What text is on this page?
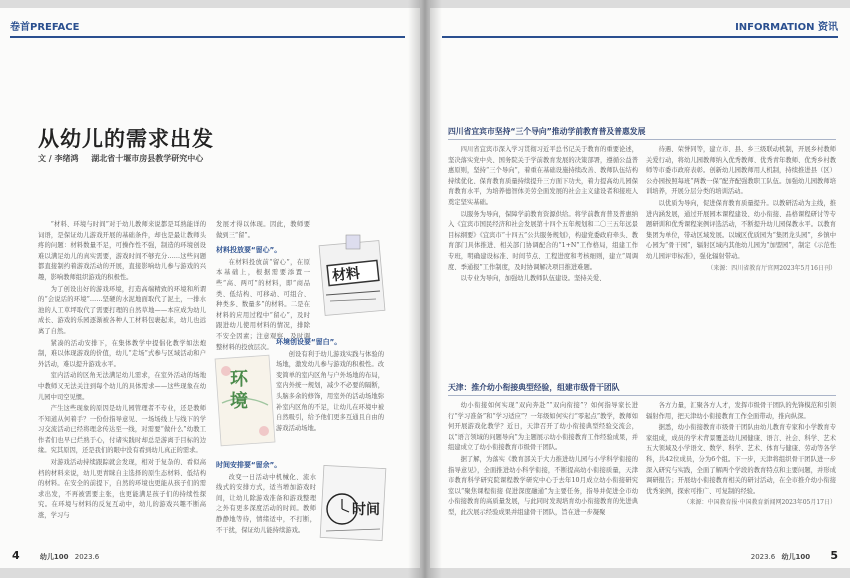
卷首PREFACE
从幼儿的需求出发
文 / 李绪鸿 湖北省十堰市房县教学研究中心

“材料、环境与时间”对于幼儿教师来说都是耳熟能详的词语，是保证幼儿游戏开展的基础条件，却也是最让教师头疼的问题：材料数量不足，可操作性不强，制造的环境创设难以满足幼儿的真实需要，游戏时间不够充分……这些问题都直接制约着游戏活动的开展，直接影响幼儿参与游戏的兴趣，影响教师组织游戏的积极性。

为了创设出好的游戏环境，打造高端精致的环境和所谓的“会说话的环境”……坚硬的水泥地面取代了泥土，一排水池的人工草坪取代了需要打理的自然草地——本应成为幼儿成长、游戏的乐园逐渐被各种人工材料包裹起来，幼儿也远离了自然。

紧凑的活动安排下，在集体教学中提倡化教学如法炮制，难以体现游戏的价值，幼儿“走场”式参与区域活动和户外活动，难以提升游戏水平。

室内活动的区角无法满足幼儿需求，在室外活动的场地中教师又无法关注到每个幼儿的具体需求——这些现象在幼儿园中司空见惯。

产生这些现象的原因是幼儿园管理者不专业，还是教师不知道从何着手？一份份指导意见、一场场线上与线下的学习交流活动已经将理念传达至一线，对需要“做什么”幼教工作者们也早已烂熟于心，付诸实践时却总是游离于目标的边缘。究其原因，还是我们的眼中没有看到幼儿真正的需求。

对游戏活动持续跟踪就会发现，相对于复杂的、看似高档的材料来说，幼儿更青睐自主选择的原生态材料、低结构的材料。在安全的前提下，自然的环境也更能从孩子们的需求出发，不再被需要主张，也更能满足孩子们的持续性探究。在环境与材料的反复互动中，幼儿的游戏兴趣不断高涨，学习与

发展才得以体现。因此，教师要做到三“留”。

材料投放要“留心”。

在材料投放前“留心”，在原本基础上，根据需要添置一些“高、两可”的材料，即“商品类、低结构、可移动、可组合、种类多、数量多”的材料。二是在材料的应用过程中“留心”，及时跟进幼儿使用材料的情况，排除不安全因素；注意观察，及时调整材料的投放层次。

环境创设要“留白”。

创设有利于幼儿游戏实践与体验的场地，激发幼儿参与游戏的积极性。改变简单的室内区角与户外场地的布局，室内外统一规划，减少不必要的隔断，头脑多余的修饰，用室外的活动场地弥补室内区角的不足，让幼儿在环境中被自然吸引，给予他们更多互通且自由的游戏活动场地。

时间安排要“留余”。

改变一日活动中机械化、流水线式的安排方式，适当增加游戏时间，让幼儿除游戏准备和游戏整理之外有更多深度活动的时间。教师静静地等待，情绪适中，不打断，不干扰，保证幼儿能持续游戏。

材料
环境
时间
4	幼儿100 2023.6
INFORMATION 资讯
四川省宜宾市坚持“三个导向”推动学前教育普及普惠发展

四川省宜宾市深入学习贯彻习近平总书记关于教育的重要论述，坚决落实党中央、国务院关于学前教育发展的决策部署，遵循公益普惠原则，坚持“三个导向”，着重在基础设施持续改善、教师队伍结构持续优化、保育教育质量持续提升三方面下功夫，着力提高幼儿园保育教育水平，为培养德智体美劳全面发展的社会主义建设者和接班人奠定坚实基础。

以服务为导向，保障学前教育资源供给。将学前教育普及普惠纳入《宜宾市国民经济和社会发展第十四个五年规划和二〇三五年远景目标纲要》《宜宾市“十四五”公共服务规划》，构建党委政府牵头、教育部门具体推进、相关部门协调配合的“1+N”工作格局，组建工作专班，明确建设标准、时间节点、工程进度和考核细则，建立“周调度、季通报”工作制度，及时协调解决项目推进难题。

以专业为导向，加强幼儿教师队伍建设。坚持关爱、

待遇、荣誉同等，建立市、县、乡三级联动机制，开展乡村教师关爱行动，将幼儿园教师纳入优秀教师、优秀青年教师、优秀乡村教师等市委市政府表彰。创新幼儿园教师用人机制，持续推进县（区）公办园按照每班“两教一保”配齐配强教职工队伍。加强幼儿园教师培训培养，开展分层分类的培训活动。

以优质为导向，促进保育教育质量提升。以教研活动为主线，推进内涵发展，通过开展园本课程建设、幼小衔接、品格课程研讨等专题研训和优秀课程案例评选活动，不断提升幼儿园保教水平。以教育集团为单位，带动区域发展。以城区优质园为“集团龙头园”，乡镇中心园为“骨干园”，辐射区域内其他幼儿园为“加盟园”，制定《示范性幼儿园评审标准》，强化辐射带动。

（来源：四川省教育厅官网2023年5月16日刊）
天津：推介幼小衔接典型经验，组建市级骨干团队

幼小衔接如何实现“双向奔赴”“双向衔接”？如何指导家长进行“学习准备”和“学习适应”？一年级如何实行“零起点”教学，教师如何开展游戏化教学？近日，天津召开了幼小衔接典型经验交流会，以“语言领域的问题导向”为主题展示幼小衔接教育工作经验成果，并组建成立了幼小衔接教育市级骨干团队。

据了解，为落实《教育部关于大力推进幼儿园与小学科学衔接的指导意见》，全面推进幼小科学衔接，不断提高幼小衔接质量，天津市教育科学研究院课程教学研究中心于去年10月成立幼小衔接研究室以“聚焦课程衔接 促进深度融通”为主要任务，指导并促进全市幼小衔接教育的高质量发展，与此同时发现培育幼小衔接教育的先进典型，此次展示经验成果并组建骨干团队，旨在进一步凝聚

各方力量，汇聚各方人才，发挥市级骨干团队的先锋模范和引领辐射作用，把天津幼小衔接教育工作全面带动，推向纵深。

据悉，幼小衔接教育市级骨干团队由幼儿教育专家和小学教育专家组成，成员的学术背景覆盖幼儿园健康、语言、社会、科学、艺术五大领域及小学语文、数学、科学、艺术、体育与健康、劳动等各学科，共42位成员，分为6个组。下一步，天津将组织骨干团队进一步深入研究与实践，全面了解两个学段的教育特点和主要问题，并形成调研报告；开展幼小衔接教育相关的研讨活动，在全市推介幼小衔接优秀案例，探索可推广、可复制的经验。

（来源：中国教育报·中国教育新闻网2023年05月17日）
2023.6 幼儿100 5
